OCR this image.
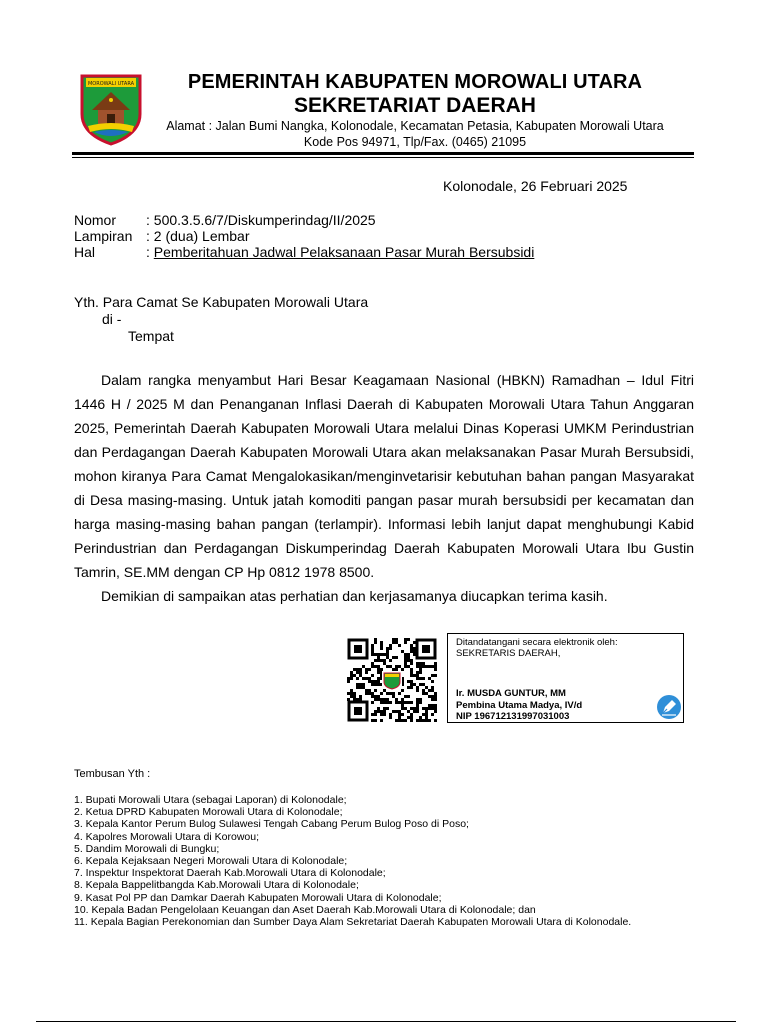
MOROWALI UTARA	PEMERINTAH KABUPATEN MOROWALI UTARA
SEKRETARIAT DAERAH
Alamat : Jalan Bumi Nangka, Kolonodale, Kecamatan Petasia, Kabupaten Morowali Utara
Kode Pos 94971, Tlp/Fax. (0465) 21095
Kolonodale, 26 Februari 2025
Nomor	: 500.3.5.6/7/Diskumperindag/II/2025
Lampiran : 2 (dua) Lembar
Hal	: Pemberitahuan Jadwal Pelaksanaan Pasar Murah Bersubsidi
Yth. Para Camat Se Kabupaten Morowali Utara
di -
Tempat

Dalam rangka menyambut Hari Besar Keagamaan Nasional (HBKN) Ramadhan – Idul Fitri 1446 H / 2025 M dan Penanganan Inflasi Daerah di Kabupaten Morowali Utara Tahun Anggaran 2025, Pemerintah Daerah Kabupaten Morowali Utara melalui Dinas Koperasi UMKM Perindustrian dan Perdagangan Daerah Kabupaten Morowali Utara akan melaksanakan Pasar Murah Bersubsidi, mohon kiranya Para Camat Mengalokasikan/menginvetarisir kebutuhan bahan pangan Masyarakat di Desa masing-masing. Untuk jatah komoditi pangan pasar murah bersubsidi per kecamatan dan harga masing-masing bahan pangan (terlampir). Informasi lebih lanjut dapat menghubungi Kabid Perindustrian dan Perdagangan Diskumperindag Daerah Kabupaten Morowali Utara Ibu Gustin Tamrin, SE.MM dengan CP Hp 0812 1978 8500.

Demikian di sampaikan atas perhatian dan kerjasamanya diucapkan terima kasih.

Ditandatangani secara elektronik oleh:
SEKRETARIS DAERAH,
Ir. MUSDA GUNTUR, MM
Pembina Utama Madya, IV/d
NIP 196712131997031003
Tembusan Yth :
1. Bupati Morowali Utara (sebagai Laporan) di Kolonodale;
2. Ketua DPRD Kabupaten Morowali Utara di Kolonodale;
3. Kepala Kantor Perum Bulog Sulawesi Tengah Cabang Perum Bulog Poso di Poso;
4. Kapolres Morowali Utara di Korowou;
5. Dandim Morowali di Bungku;
6. Kepala Kejaksaan Negeri Morowali Utara di Kolonodale;
7. Inspektur Inspektorat Daerah Kab.Morowali Utara di Kolonodale;
8. Kepala Bappelitbangda Kab.Morowali Utara di Kolonodale;
9. Kasat Pol PP dan Damkar Daerah Kabupaten Morowali Utara di Kolonodale;
10. Kepala Badan Pengelolaan Keuangan dan Aset Daerah Kab.Morowali Utara di Kolonodale; dan
11. Kepala Bagian Perekonomian dan Sumber Daya Alam Sekretariat Daerah Kabupaten Morowali Utara di Kolonodale.
